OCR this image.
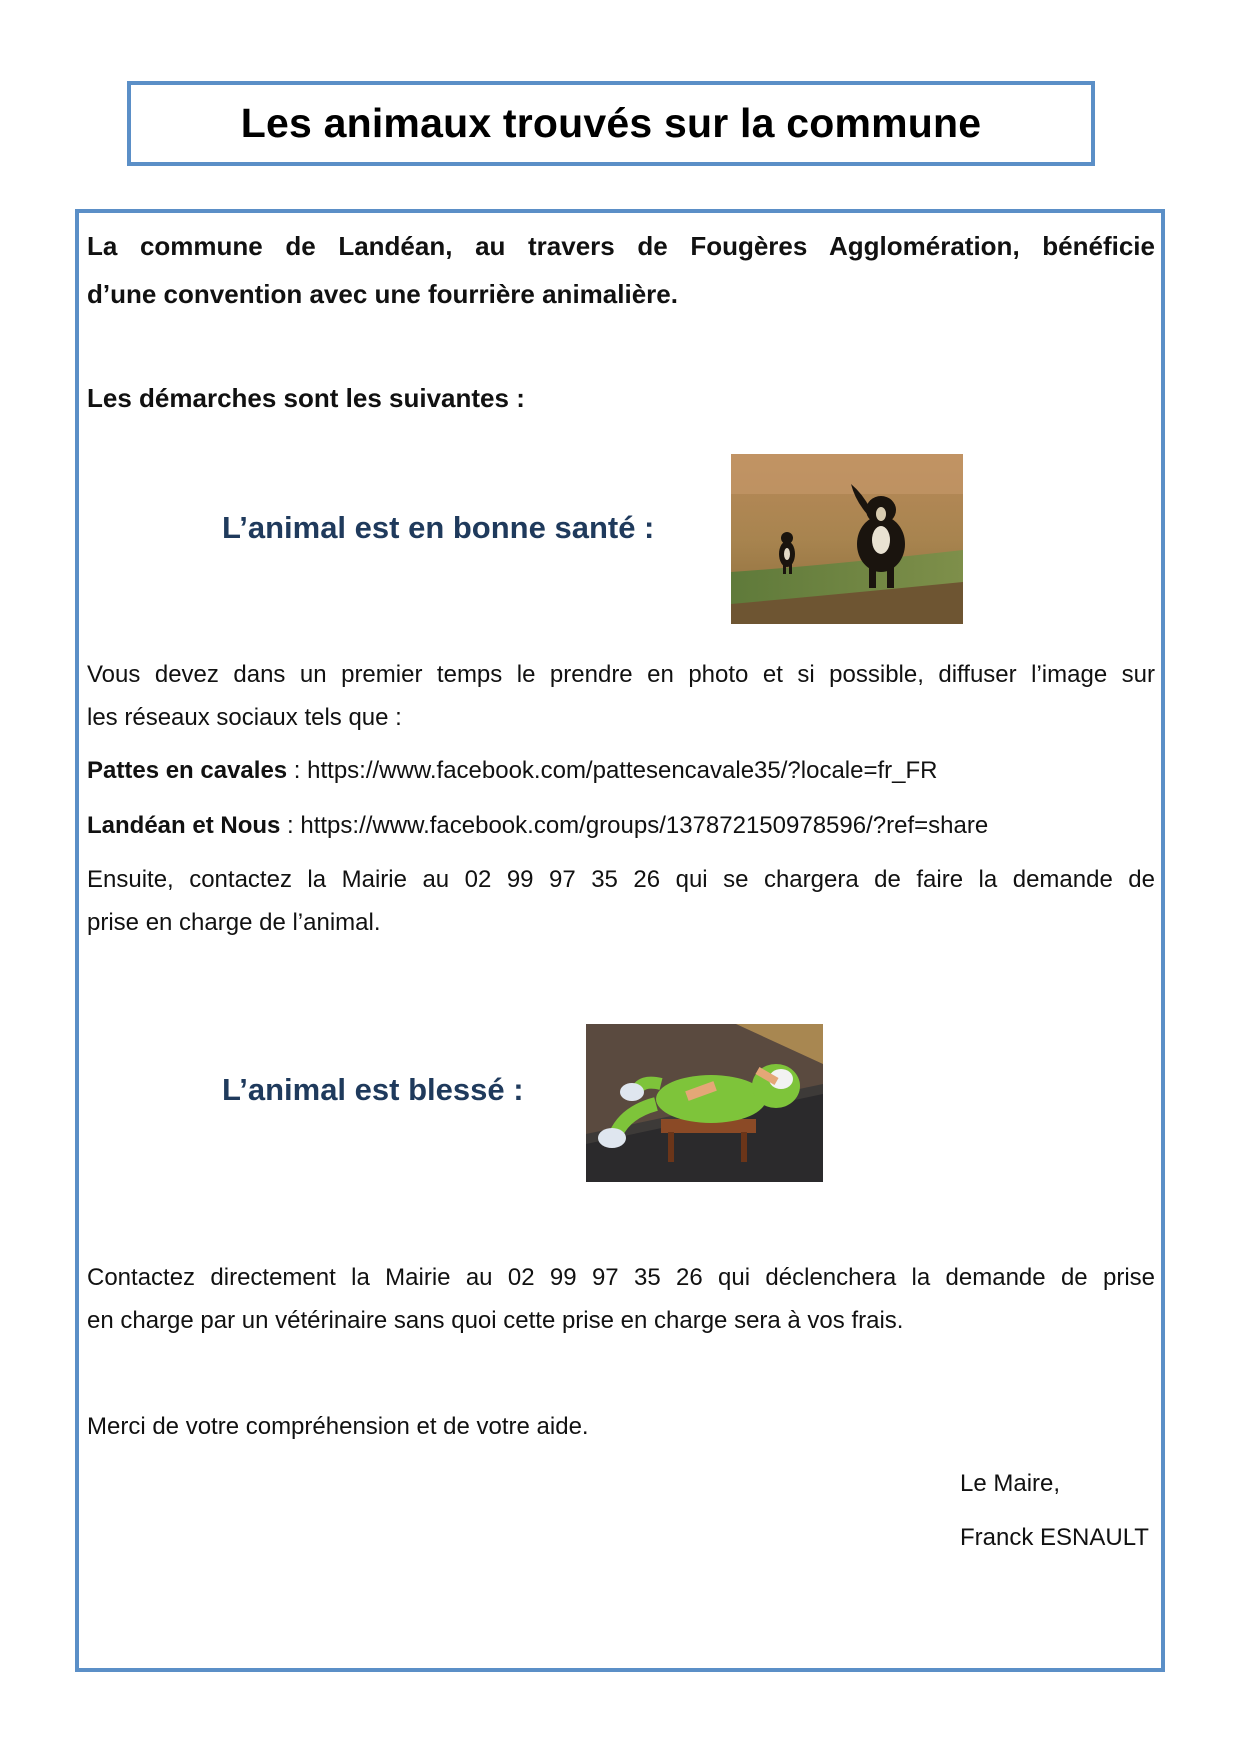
Les animaux trouvés sur la commune

La commune de Landéan, au travers de Fougères Agglomération, bénéficie
d’une convention avec une fourrière animalière.

Les démarches sont les suivantes :

L’animal est en bonne santé :

Vous devez dans un premier temps le prendre en photo et si possible, diffuser l’image sur
les réseaux sociaux tels que :

Pattes en cavales : https://www.facebook.com/pattesencavale35/?locale=fr_FR

Landéan et Nous : https://www.facebook.com/groups/137872150978596/?ref=share

Ensuite, contactez la Mairie au 02 99 97 35 26 qui se chargera de faire la demande de
prise en charge de l’animal.

L’animal est blessé :

Contactez directement la Mairie au 02 99 97 35 26 qui déclenchera la demande de prise
en charge par un vétérinaire sans quoi cette prise en charge sera à vos frais.

Merci de votre compréhension et de votre aide.

Le Maire,

Franck ESNAULT
